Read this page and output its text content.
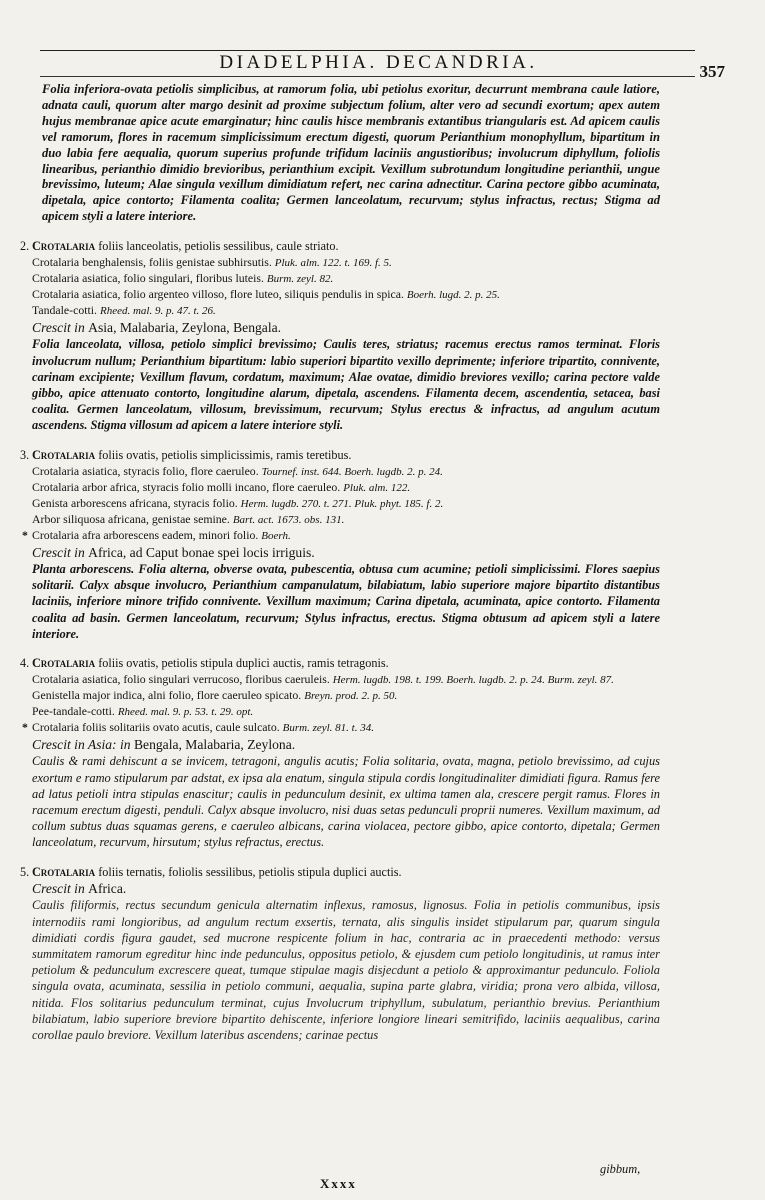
DIADELPHIA. DECANDRIA.	357
Folia inferiora-ovata petiolis simplicibus, at ramorum folia, ubi petiolus exoritur, decurrunt membrana caule latiore, adnata cauli, quorum alter margo desinit ad proxime subjectum folium, alter vero ad secundi exortum; apex autem hujus membranae apice acute emarginatur; hinc caulis hisce membranis extantibus triangularis est. Ad apicem caulis vel ramorum, flores in racemum simplicissimum erectum digesti, quorum Perianthium monophyllum, bipartitum in duo labia fere aequalia, quorum superius profunde trifidum laciniis angustioribus; involucrum diphyllum, foliolis linearibus, perianthio dimidio brevioribus, perianthium excipit. Vexillum subrotundum longitudine perianthii, ungue brevissimo, luteum; Alae singula vexillum dimidiatum refert, nec carina adnectitur. Carina pectore gibbo acuminata, dipetala, apice contorto; Filamenta coalita; Germen lanceolatum, recurvum; stylus infractus, rectus; Stigma ad apicem styli a latere interiore.
2. Crotalaria foliis lanceolatis, petiolis sessilibus, caule striato.
Crotalaria benghalensis, foliis genistae subhirsutis. Pluk. alm. 122. t. 169. f. 5.
Crotalaria asiatica, folio singulari, floribus luteis. Burm. zeyl. 82.
Crotalaria asiatica, folio argenteo villoso, flore luteo, siliquis pendulis in spica. Boerh. lugd. 2. p. 25.
Tandale-cotti. Rheed. mal. 9. p. 47. t. 26.
Crescit in Asia, Malabaria, Zeylona, Bengala.
Folia lanceolata, villosa, petiolo simplici brevissimo; Caulis teres, striatus; racemus erectus ramos terminat. Floris involucrum nullum; Perianthium bipartitum: labio superiori bipartito vexillo deprimente; inferiore tripartito, connivente, carinam excipiente; Vexillum flavum, cordatum, maximum; Alae ovatae, dimidio breviores vexillo; carina pectore valde gibbo, apice attenuato contorto, longitudine alarum, dipetala, ascendens. Filamenta decem, ascendentia, setacea, basi coalita. Germen lanceolatum, villosum, brevissimum, recurvum; Stylus erectus & infractus, ad angulum acutum ascendens. Stigma villosum ad apicem a latere interiore styli.
3. Crotalaria foliis ovatis, petiolis simplicissimis, ramis teretibus.
Crotalaria asiatica, styracis folio, flore caeruleo. Tournef. inst. 644. Boerh. lugdb. 2. p. 24.
Crotalaria arbor africa, styracis folio molli incano, flore caeruleo. Pluk. alm. 122.
Genista arborescens africana, styracis folio. Herm. lugdb. 270. t. 271. Pluk. phyt. 185. f. 2.
Arbor siliquosa africana, genistae semine. Bart. act. 1673. obs. 131.
* Crotalaria afra arborescens eadem, minori folio. Boerh.
Crescit in Africa, ad Caput bonae spei locis irriguis.
Planta arborescens. Folia alterna, obverse ovata, pubescentia, obtusa cum acumine; petioli simplicissimi. Flores saepius solitarii. Calyx absque involucro, Perianthium campanulatum, bilabiatum, labio superiore majore bipartito distantibus laciniis, inferiore minore trifido connivente. Vexillum maximum; Carina dipetala, acuminata, apice contorto. Filamenta coalita ad basin. Germen lanceolatum, recurvum; Stylus infractus, erectus. Stigma obtusum ad apicem styli a latere interiore.
4. Crotalaria foliis ovatis, petiolis stipula duplici auctis, ramis tetragonis.
Crotalaria asiatica, folio singulari verrucoso, floribus caeruleis. Herm. lugdb. 198. t. 199. Boerh. lugdb. 2. p. 24. Burm. zeyl. 87.
Genistella major indica, alni folio, flore caeruleo spicato. Breyn. prod. 2. p. 50.
Pee-tandale-cotti. Rheed. mal. 9. p. 53. t. 29. opt.
* Crotalaria foliis solitariis ovato acutis, caule sulcato. Burm. zeyl. 81. t. 34.
Crescit in Asia: in Bengala, Malabaria, Zeylona.
Caulis & rami dehiscunt a se invicem, tetragoni, angulis acutis; Folia solitaria, ovata, magna, petiolo brevissimo, ad cujus exortum e ramo stipularum par adstat, ex ipsa ala enatum, singula stipula cordis longitudinaliter dimidiati figura. Ramus fere ad latus petioli intra stipulas enascitur; caulis in pedunculum desinit, ex ultima tamen ala, crescere pergit ramus. Flores in racemum erectum digesti, penduli. Calyx absque involucro, nisi duas setas pedunculi proprii numeres. Vexillum maximum, ad collum subtus duas squamas gerens, e caeruleo albicans, carina violacea, pectore gibbo, apice contorto, dipetala; Germen lanceolatum, recurvum, hirsutum; stylus refractus, erectus.
5. Crotalaria foliis ternatis, foliolis sessilibus, petiolis stipula duplici auctis.
Crescit in Africa.
Caulis filiformis, rectus secundum genicula alternatim inflexus, ramosus, lignosus. Folia in petiolis communibus, ipsis internodiis rami longioribus, ad angulum rectum exsertis, ternata, alis singulis insidet stipularum par, quarum singula dimidiati cordis figura gaudet, sed mucrone respicente folium in hac, contraria ac in praecedenti methodo: versus summitatem ramorum egreditur hinc inde pedunculus, oppositus petiolo, & ejusdem cum petiolo longitudinis, ut ramus inter petiolum & pedunculum excrescere queat, tumque stipulae magis disjecdunt a petiolo & approximantur pedunculo. Foliola singula ovata, acuminata, sessilia in petiolo communi, aequalia, supina parte glabra, viridia; prona vero albida, villosa, nitida. Flos solitarius pedunculum terminat, cujus Involucrum triphyllum, subulatum, perianthio brevius. Perianthium bilabiatum, labio superiore breviore bipartito dehiscente, inferiore longiore lineari semitrifido, laciniis aequalibus, carina corollae paulo breviore. Vexillum lateribus ascendens; carinae pectus
gibbum,
Xxxx
